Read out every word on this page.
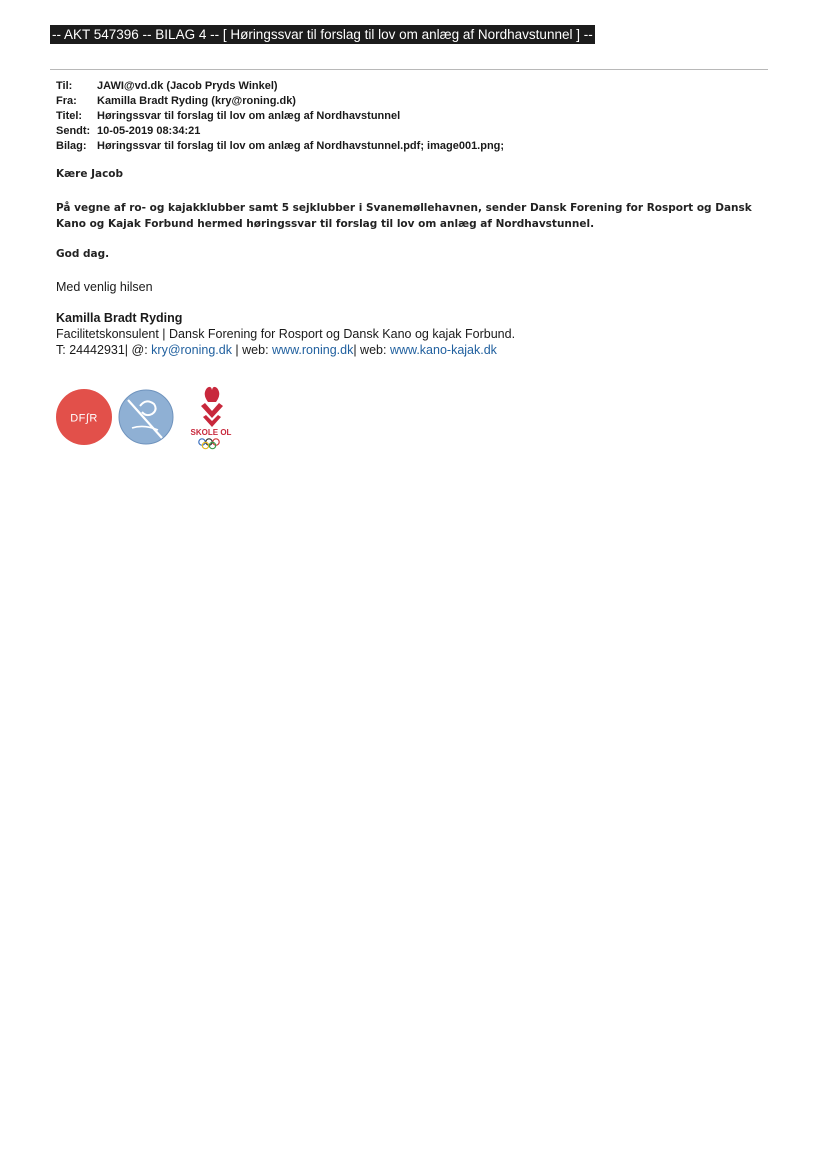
-- AKT 547396 -- BILAG 4 -- [ Høringssvar til forslag til lov om anlæg af Nordhavstunnel ] --
Til: JAWI@vd.dk (Jacob Pryds Winkel)
Fra: Kamilla Bradt Ryding (kry@roning.dk)
Titel: Høringssvar til forslag til lov om anlæg af Nordhavstunnel
Sendt: 10-05-2019 08:34:21
Bilag: Høringssvar til forslag til lov om anlæg af Nordhavstunnel.pdf; image001.png;
Kære Jacob
På vegne af ro- og kajakklubber samt 5 sejklubber i Svanemøllehavnen, sender Dansk Forening for Rosport og Dansk Kano og Kajak Forbund hermed høringssvar til forslag til lov om anlæg af Nordhavstunnel.
God dag.
Med venlig hilsen
Kamilla Bradt Ryding
Facilitetskonsulent | Dansk Forening for Rosport og Dansk Kano og kajak Forbund.
T: 24442931| @: kry@roning.dk | web: www.roning.dk| web: www.kano-kajak.dk
DF∫R
SKOLE OL
